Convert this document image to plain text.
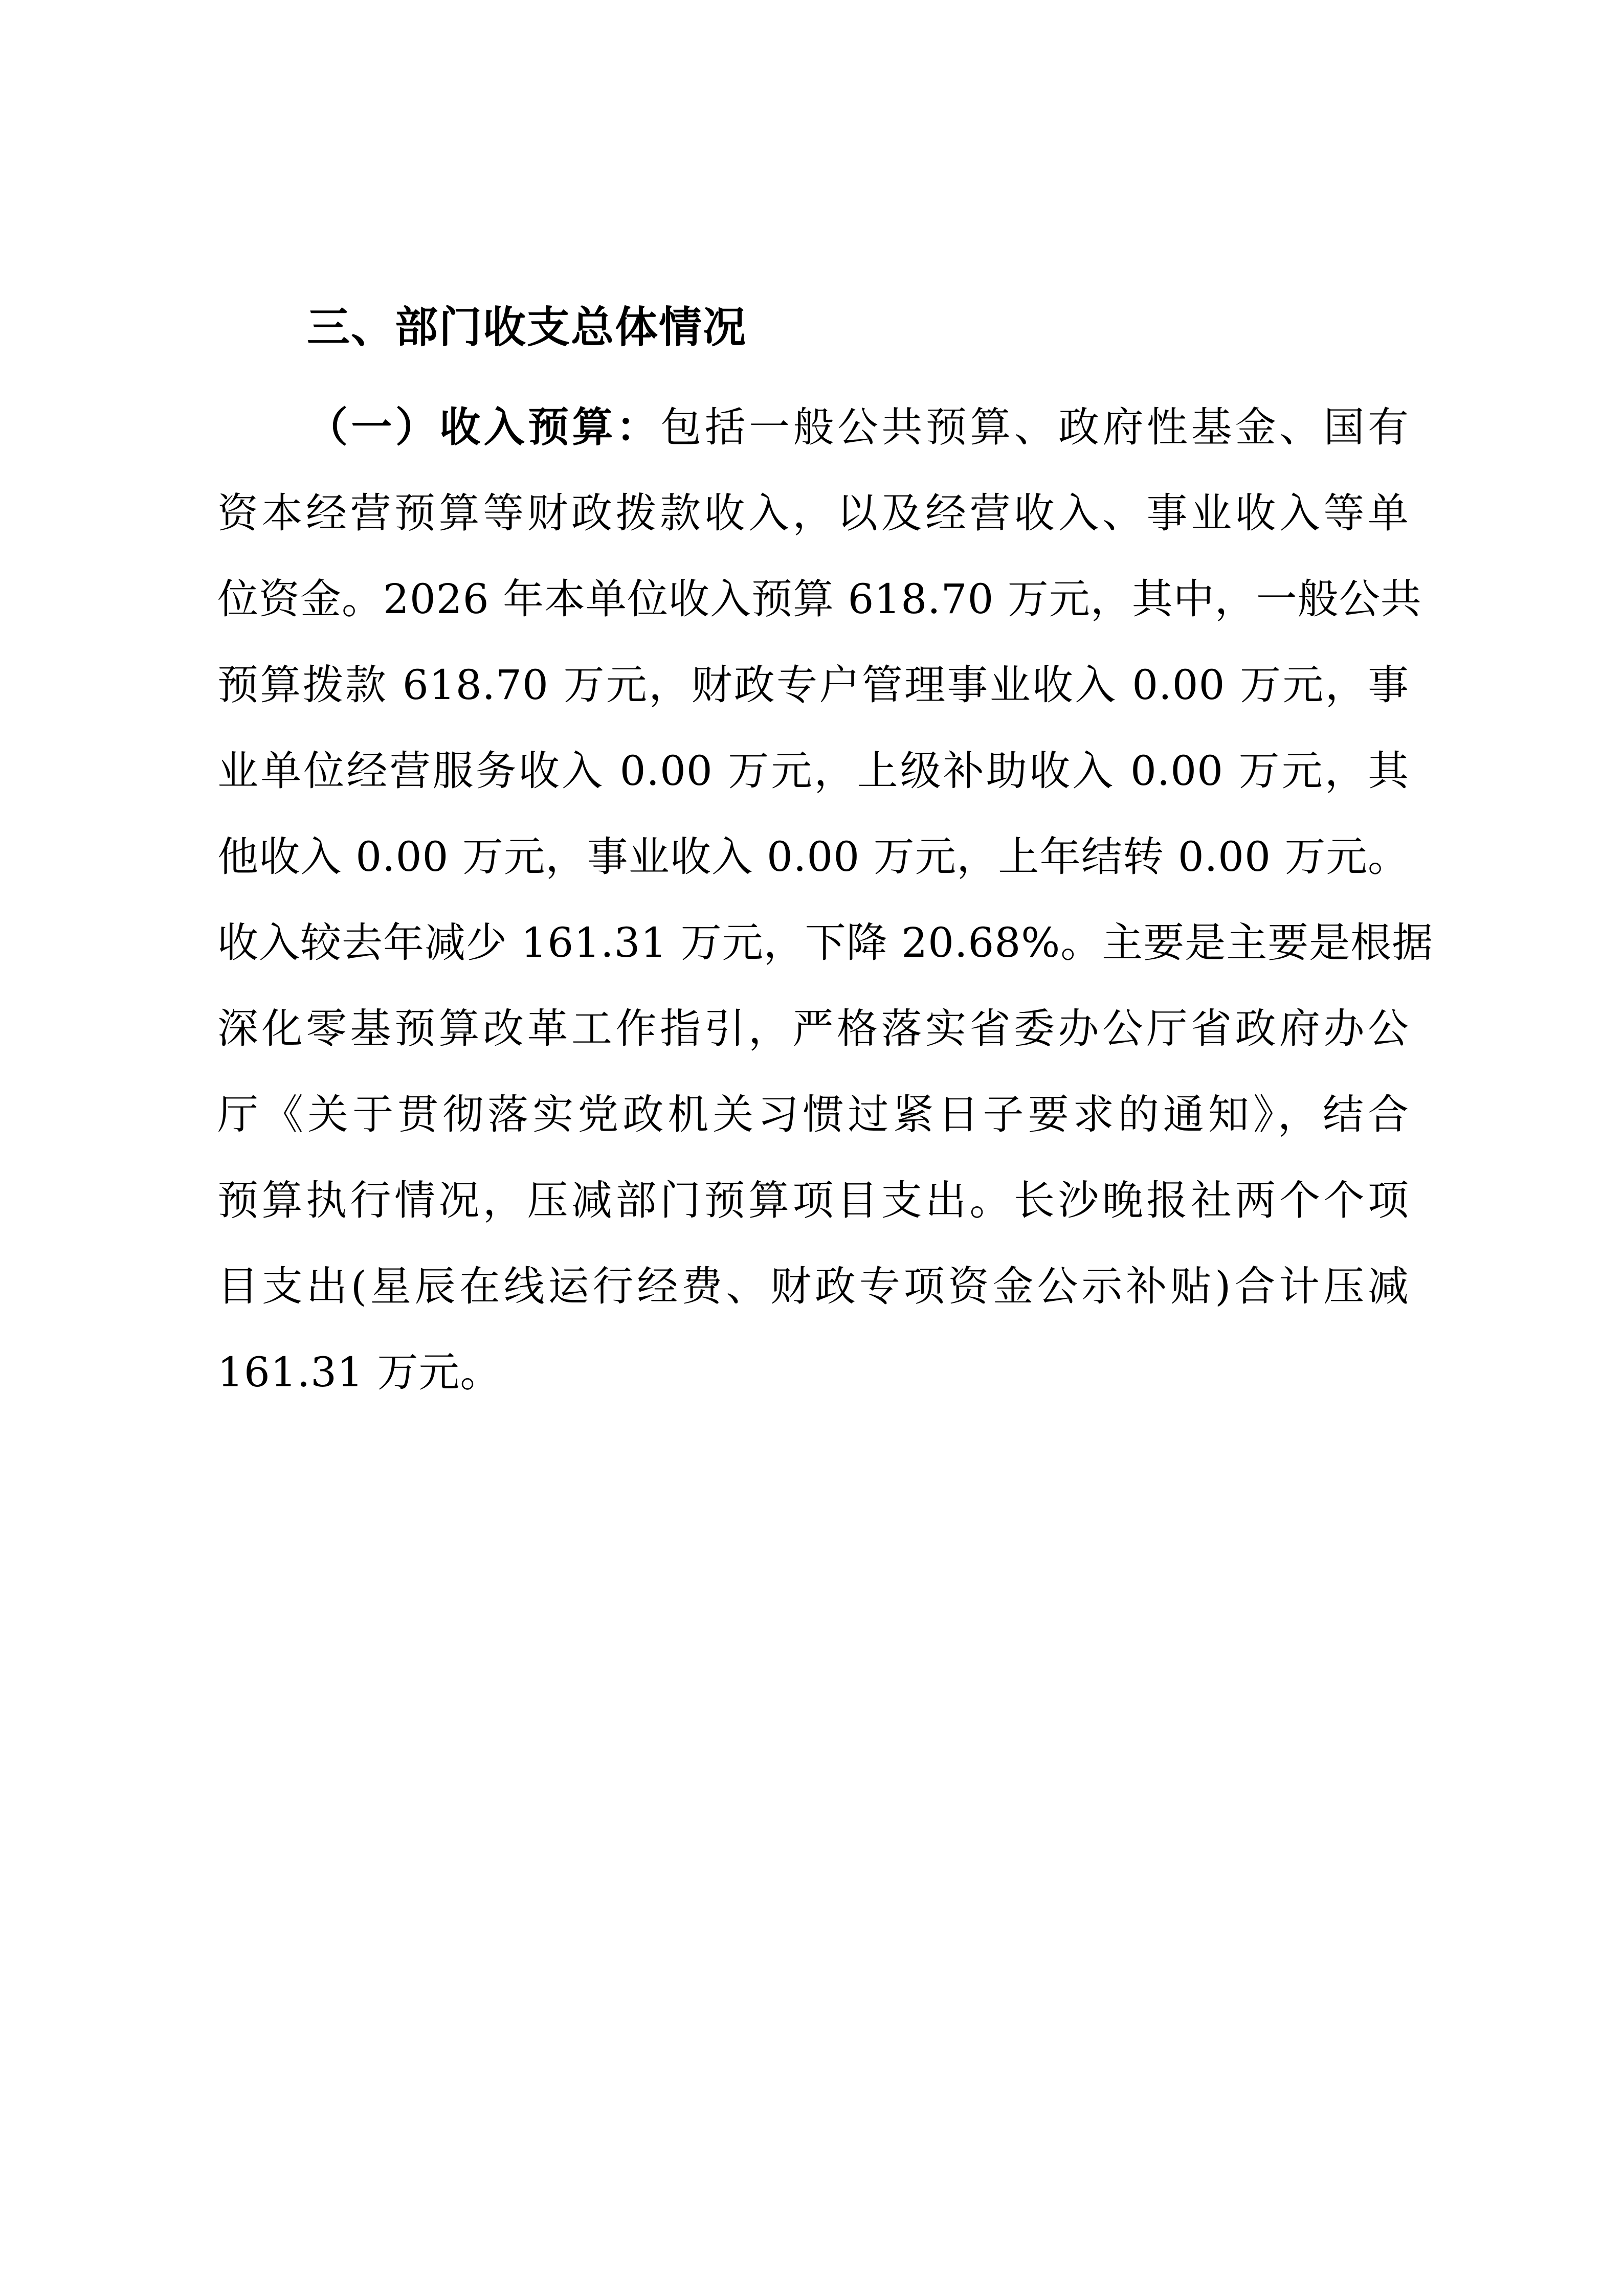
三、部门收支总体情况
（一）收入预算：包括一般公共预算、政府性基金、国有
资本经营预算等财政拨款收入，以及经营收入、事业收入等单
位资金。2026 年本单位收入预算 618.70 万元，其中，一般公共
预算拨款 618.70 万元，财政专户管理事业收入 0.00 万元，事
业单位经营服务收入 0.00 万元，上级补助收入 0.00 万元，其
他收入 0.00 万元，事业收入 0.00 万元，上年结转 0.00 万元。
收入较去年减少 161.31 万元，下降 20.68%。主要是主要是根据
深化零基预算改革工作指引，严格落实省委办公厅省政府办公
厅《关于贯彻落实党政机关习惯过紧日子要求的通知》，结合
预算执行情况，压减部门预算项目支出。长沙晚报社两个个项
目支出(星辰在线运行经费、财政专项资金公示补贴)合计压减
161.31 万元。
